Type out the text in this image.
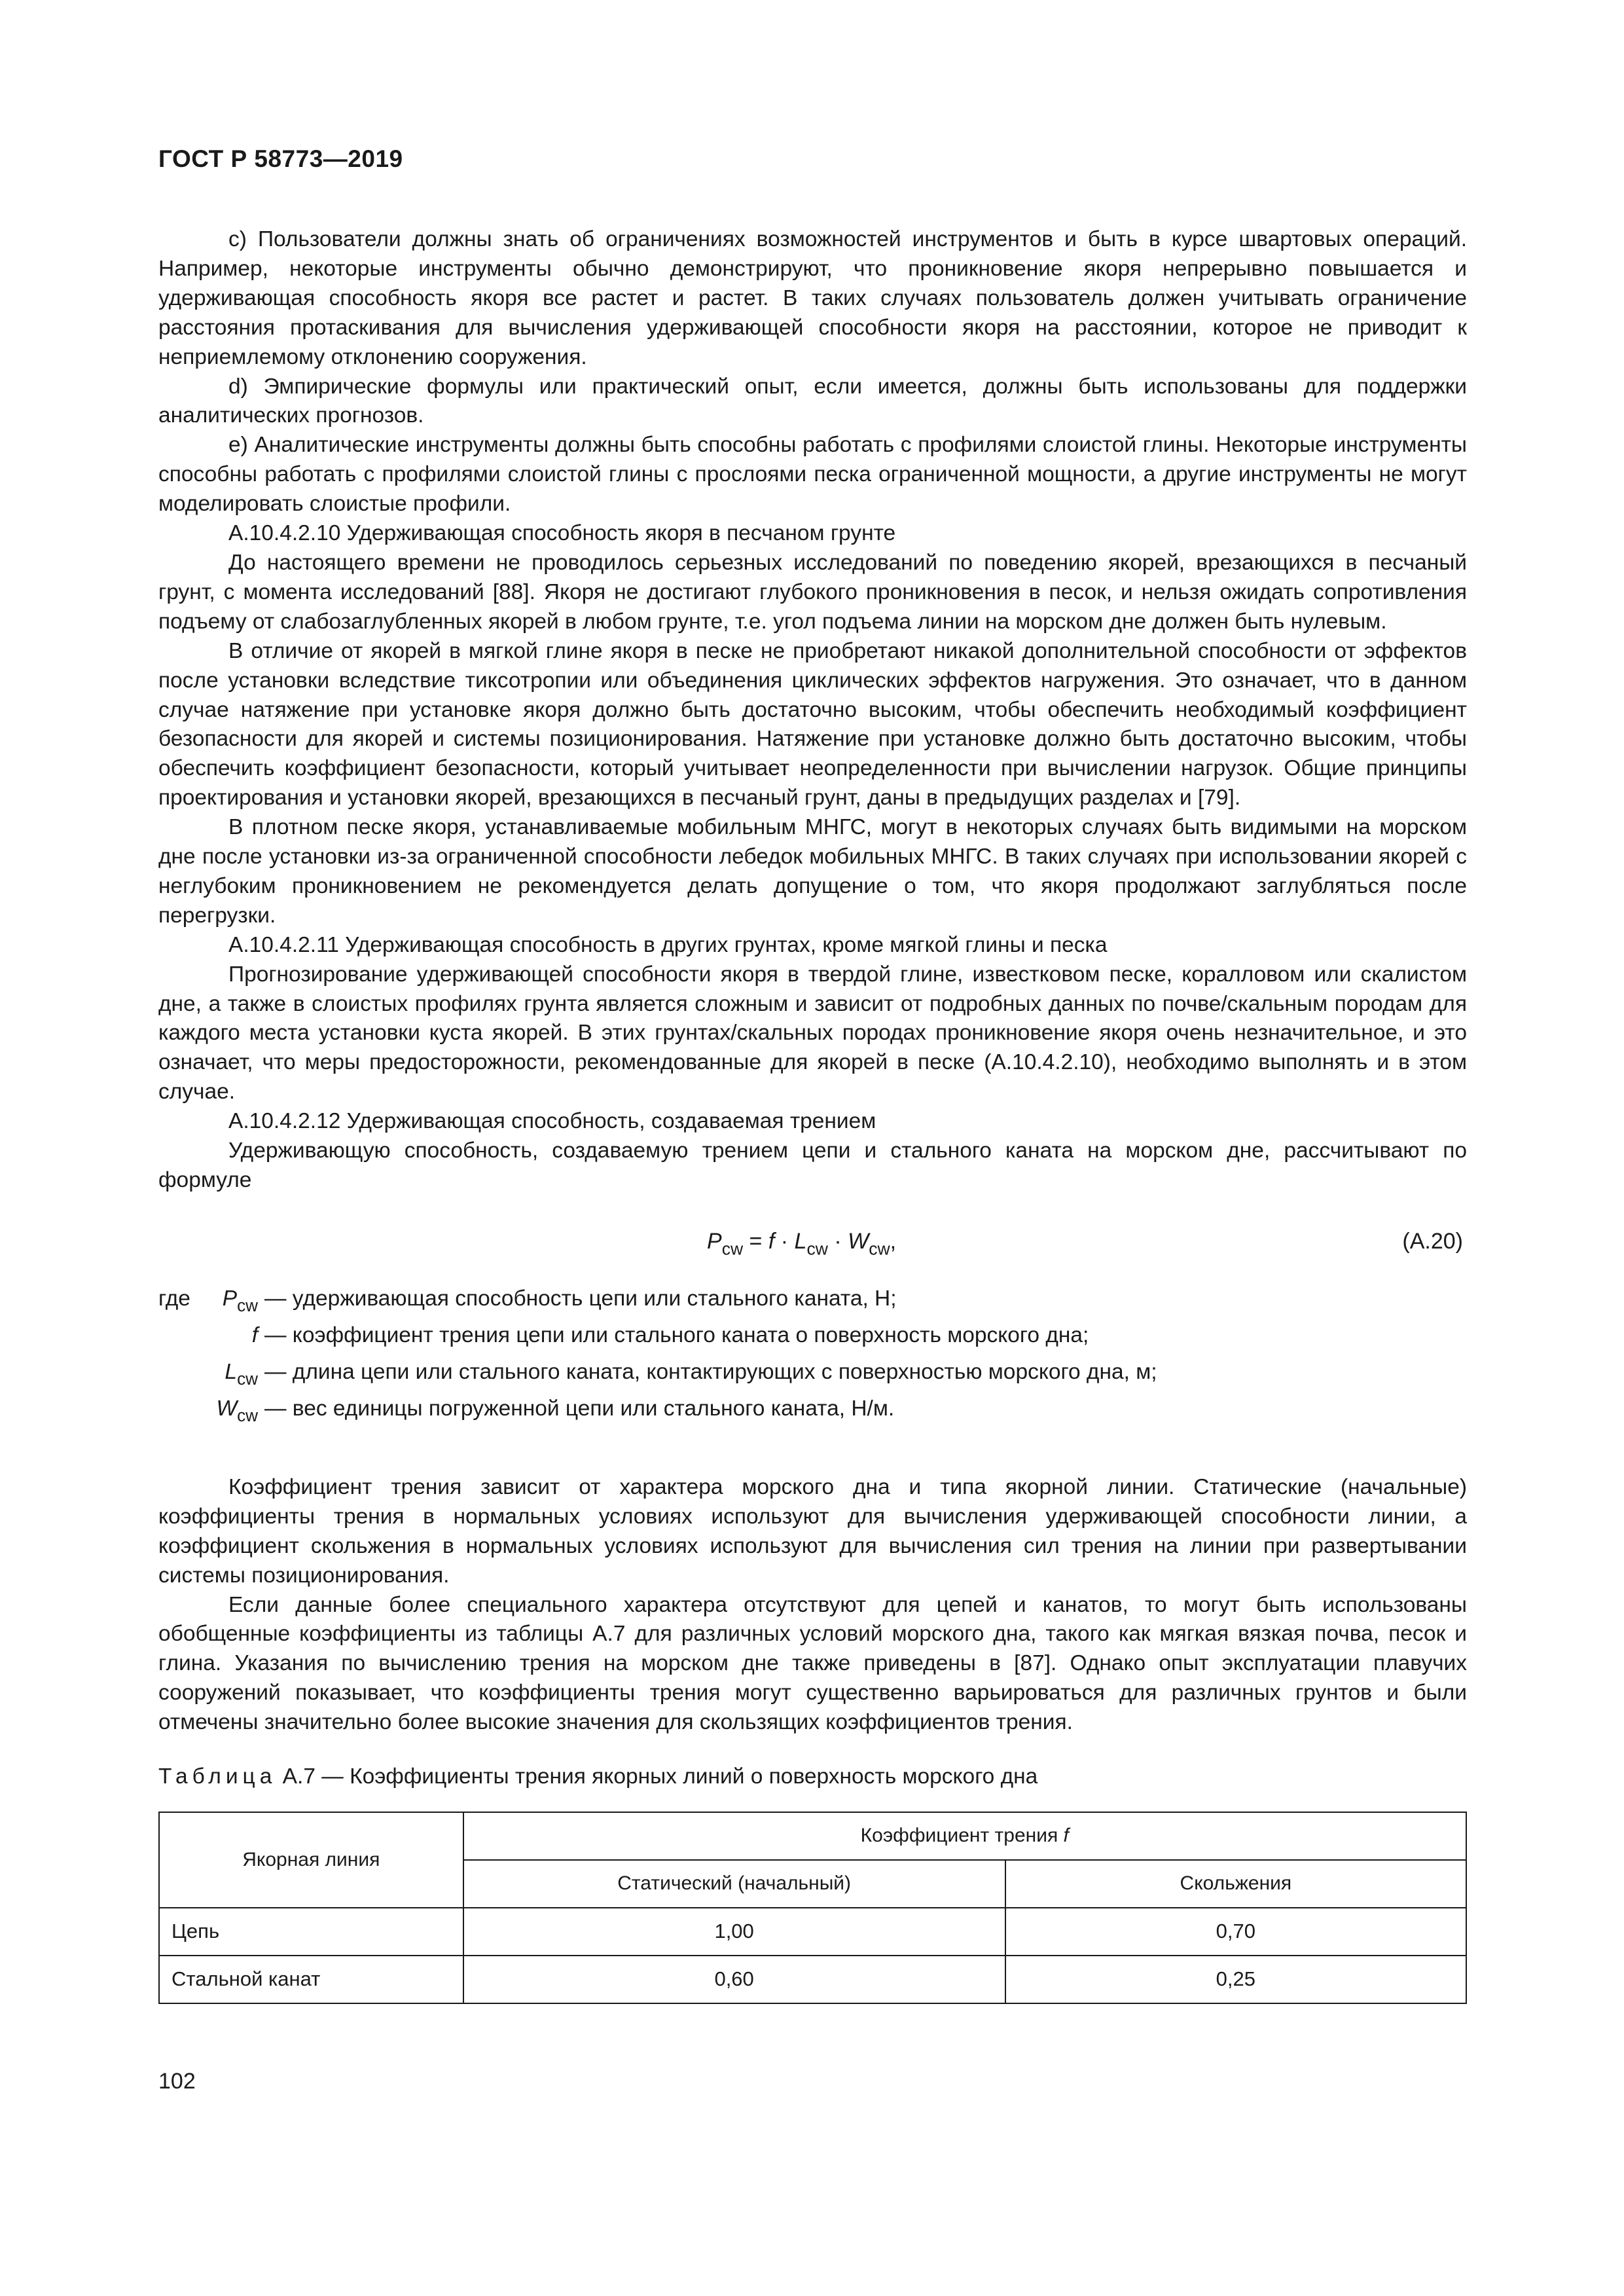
ГОСТ Р 58773—2019

c) Пользователи должны знать об ограничениях возможностей инструментов и быть в курсе швартовых операций. Например, некоторые инструменты обычно демонстрируют, что проникновение якоря непрерывно повышается и удерживающая способность якоря все растет и растет. В таких случаях пользователь должен учитывать ограничение расстояния протаскивания для вычисления удерживающей способности якоря на расстоянии, которое не приводит к неприемлемому отклонению сооружения.

d) Эмпирические формулы или практический опыт, если имеется, должны быть использованы для поддержки аналитических прогнозов.

e) Аналитические инструменты должны быть способны работать с профилями слоистой глины. Некоторые инструменты способны работать с профилями слоистой глины с прослоями песка ограниченной мощности, а другие инструменты не могут моделировать слоистые профили.

А.10.4.2.10 Удерживающая способность якоря в песчаном грунте

До настоящего времени не проводилось серьезных исследований по поведению якорей, врезающихся в песчаный грунт, с момента исследований [88]. Якоря не достигают глубокого проникновения в песок, и нельзя ожидать сопротивления подъему от слабозаглубленных якорей в любом грунте, т.е. угол подъема линии на морском дне должен быть нулевым.

В отличие от якорей в мягкой глине якоря в песке не приобретают никакой дополнительной способности от эффектов после установки вследствие тиксотропии или объединения циклических эффектов нагружения. Это означает, что в данном случае натяжение при установке якоря должно быть достаточно высоким, чтобы обеспечить необходимый коэффициент безопасности для якорей и системы позиционирования. Натяжение при установке должно быть достаточно высоким, чтобы обеспечить коэффициент безопасности, который учитывает неопределенности при вычислении нагрузок. Общие принципы проектирования и установки якорей, врезающихся в песчаный грунт, даны в предыдущих разделах и [79].

В плотном песке якоря, устанавливаемые мобильным МНГС, могут в некоторых случаях быть видимыми на морском дне после установки из-за ограниченной способности лебедок мобильных МНГС. В таких случаях при использовании якорей с неглубоким проникновением не рекомендуется делать допущение о том, что якоря продолжают заглубляться после перегрузки.

А.10.4.2.11 Удерживающая способность в других грунтах, кроме мягкой глины и песка

Прогнозирование удерживающей способности якоря в твердой глине, известковом песке, коралловом или скалистом дне, а также в слоистых профилях грунта является сложным и зависит от подробных данных по почве/скальным породам для каждого места установки куста якорей. В этих грунтах/скальных породах проникновение якоря очень незначительное, и это означает, что меры предосторожности, рекомендованные для якорей в песке (А.10.4.2.10), необходимо выполнять и в этом случае.

А.10.4.2.12 Удерживающая способность, создаваемая трением

Удерживающую способность, создаваемую трением цепи и стального каната на морском дне, рассчитывают по формуле

$P_{cw} = f \cdot L_{cw} \cdot W_{cw}$,	(А.20)
где	$P_{cw}$ — удерживающая способность цепи или стального каната, Н;
f — коэффициент трения цепи или стального каната о поверхность морского дна;
$L_{cw}$ — длина цепи или стального каната, контактирующих с поверхностью морского дна, м;
$W_{cw}$ — вес единицы погруженной цепи или стального каната, Н/м.

Коэффициент трения зависит от характера морского дна и типа якорной линии. Статические (начальные) коэффициенты трения в нормальных условиях используют для вычисления удерживающей способности линии, а коэффициент скольжения в нормальных условиях используют для вычисления сил трения на линии при развертывании системы позиционирования.

Если данные более специального характера отсутствуют для цепей и канатов, то могут быть использованы обобщенные коэффициенты из таблицы А.7 для различных условий морского дна, такого как мягкая вязкая почва, песок и глина. Указания по вычислению трения на морском дне также приведены в [87]. Однако опыт эксплуатации плавучих сооружений показывает, что коэффициенты трения могут существенно варьироваться для различных грунтов и были отмечены значительно более высокие значения для скользящих коэффициентов трения.

Таблица А.7 — Коэффициенты трения якорных линий о поверхность морского дна
Якорная линия	Коэффициент трения f	
	Статический (начальный)	Скольжения
Цепь	1,00	0,70
Стальной канат	0,60	0,25
102
